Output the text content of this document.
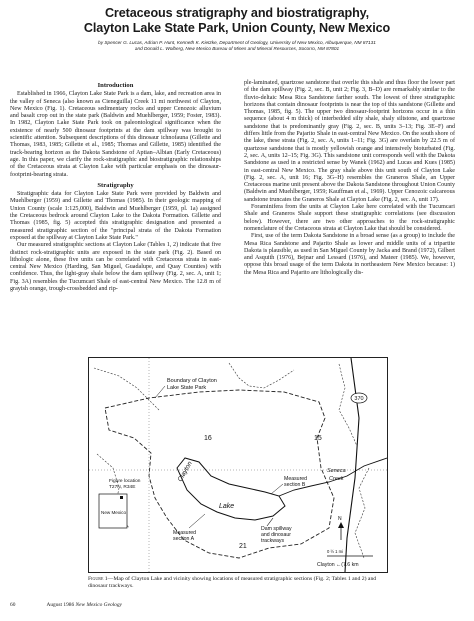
Cretaceous stratigraphy and biostratigraphy,
Clayton Lake State Park, Union County, New Mexico
by Spencer G. Lucas, Adrian P. Hunt, Kenneth K. Kietzke, Department of Geology, University of New Mexico, Albuquerque, NM 87131
and Donald L. Wolberg, New Mexico Bureau of Mines and Mineral Resources, Socorro, NM 87801
Introduction

Established in 1966, Clayton Lake State Park is a dam, lake, and recreation area in the valley of Seneca (also known as Cieneguilla) Creek 11 mi northwest of Clayton, New Mexico (Fig. 1). Cretaceous sedimentary rocks and upper Cenozoic alluvium and basalt crop out in the state park (Baldwin and Muehlberger, 1959; Foster, 1983). In 1982, Clayton Lake State Park took on paleontological significance when the existence of nearly 500 dinosaur footprints at the dam spillway was brought to scientific attention. Subsequent descriptions of this dinosaur ichnofauna (Gillette and Thomas, 1983, 1985; Gillette et al., 1985; Thomas and Gillette, 1985) identified the track-bearing horizon as the Dakota Sandstone of Aptian–Albian (Early Cretaceous) age. In this paper, we clarify the rock-stratigraphic and biostratigraphic relationships of the Cretaceous strata at Clayton Lake with particular emphasis on the dinosaur-footprint-bearing strata.

Stratigraphy

Stratigraphic data for Clayton Lake State Park were provided by Baldwin and Muehlberger (1959) and Gillette and Thomas (1985). In their geologic mapping of Union County (scale 1:125,000), Baldwin and Muehlberger (1959, pl. 1a) assigned the Cretaceous bedrock around Clayton Lake to the Dakota Formation. Gillette and Thomas (1985, fig. 5) accepted this stratigraphic designation and presented a measured stratigraphic section of the "principal strata of the Dakota Formation exposed at the spillway at Clayton Lake State Park."

Our measured stratigraphic sections at Clayton Lake (Tables 1, 2) indicate that five distinct rock-stratigraphic units are exposed in the state park (Fig. 2). Based on lithologic alone, these five units can be correlated with Cretaceous strata in east-central New Mexico (Harding, San Miguel, Guadalupe, and Quay Counties) with confidence. Thus, the light-gray shale below the dam spillway (Fig. 2, sec. A, unit 1; Fig. 3A) resembles the Tucumcari Shale of east-central New Mexico. The 12.8 m of grayish orange, trough-crossbedded and rip-

ple-laminated, quartzose sandstone that overlie this shale and thus floor the lower part of the dam spillway (Fig. 2, sec. B, unit 2; Fig. 3, B–D) are remarkably similar to the fluvio-deltaic Mesa Rica Sandstone farther south. The lowest of three stratigraphic horizons that contain dinosaur footprints is near the top of this sandstone (Gillette and Thomas, 1985, fig. 5). The upper two dinosaur-footprint horizons occur in a thin sequence (about 4 m thick) of interbedded silty shale, shaly siltstone, and quartzose sandstone that is predominantly gray (Fig. 2, sec. B, units 3–13; Fig. 3E–F) and differs little from the Pajarito Shale in east-central New Mexico. On the south shore of the lake, these strata (Fig. 2, sec. A, units 1–11; Fig. 3G) are overlain by 22.5 m of quartzose sandstone that is mostly yellowish orange and intensively bioturbated (Fig. 2, sec. A, units 12–15; Fig. 3G). This sandstone unit corresponds well with the Dakota Sandstone as used in a restricted sense by Wanek (1962) and Lucas and Kues (1985) in east-central New Mexico. The gray shale above this unit south of Clayton Lake (Fig. 2, sec. A, unit 16; Fig. 3G–H) resembles the Graneros Shale, an Upper Cretaceous marine unit present above the Dakota Sandstone throughout Union County (Baldwin and Muehlberger, 1959; Kauffman et al., 1969). Upper Cenozoic calcareous sandstone truncates the Graneros Shale at Clayton Lake (Fig. 2, sec. A, unit 17).

Foraminifera from the units at Clayton Lake here correlated with the Tucumcari Shale and Graneros Shale support these stratigraphic correlations (see discussion below). However, there are two other approaches to the rock-stratigraphic nomenclature of the Cretaceous strata at Clayton Lake that should be considered.

First, use of the term Dakota Sandstone in a broad sense (as a group) to include the Mesa Rica Sandstone and Pajarito Shale as lower and middle units of a tripartite Dakota is plausible, as used in San Miguel County by Jacka and Brand (1972), Gilbert and Asquith (1976), Bejnar and Lessard (1976), and Mateer (1985). We, however, oppose this broad usage of the term Dakota in northeastern New Mexico because: 1) the Mesa Rica and Pajarito are lithologically dis-

370
16
21
15
Boundary of Clayton
Lake State Park
Figure location
T27N, R34E
New Mexico
Measured
section B
Measured
section A
Dam spillway
and dinosaur
trackways
Lake
Clayton	Seneca
Creek
N
0 ½ 1 mi
Clayton ←(7.6 km
Figure 1—Map of Clayton Lake and vicinity showing locations of measured stratigraphic sections (Fig. 2; Tables 1 and 2) and dinosaur trackways.
60	August 1986 New Mexico Geology
